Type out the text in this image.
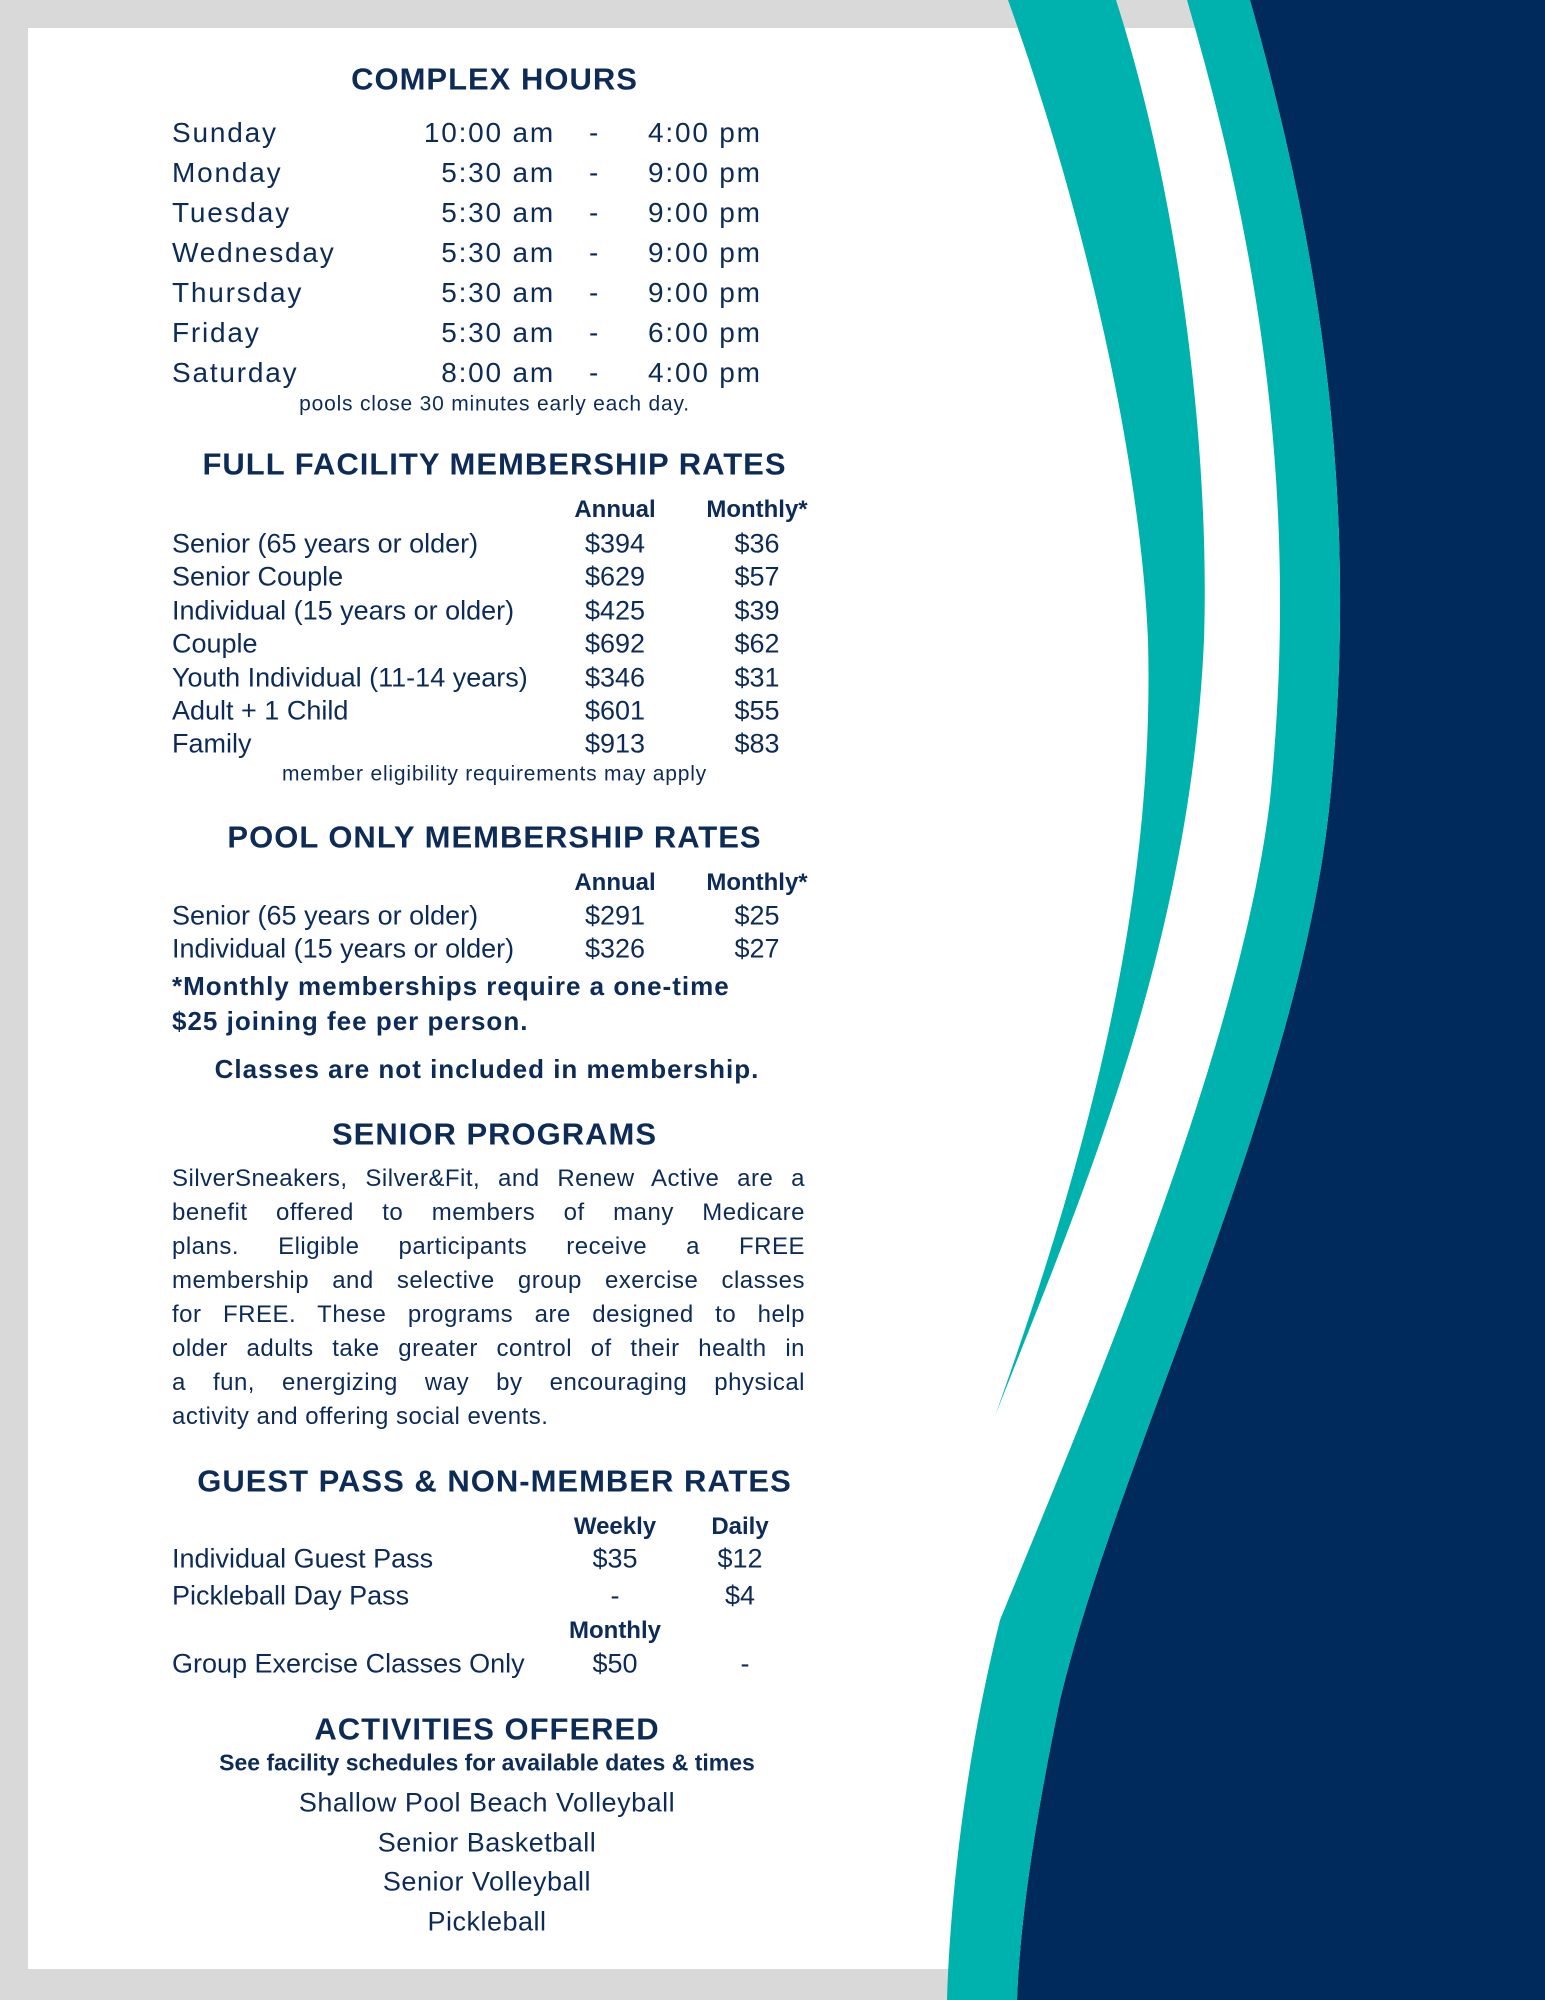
COMPLEX HOURS
Sunday	10:00 am - 4:00 pm
Monday	5:30 am - 9:00 pm
Tuesday	5:30 am - 9:00 pm
Wednesday	5:30 am - 9:00 pm
Thursday	5:30 am - 9:00 pm
Friday	5:30 am - 6:00 pm
Saturday	8:00 am - 4:00 pm
pools close 30 minutes early each day.
FULL FACILITY MEMBERSHIP RATES
Annual	Monthly*
Senior (65 years or older)	$394	$36
Senior Couple	$629	$57
Individual (15 years or older)	$425	$39
Couple	$692	$62
Youth Individual (11-14 years)	$346	$31
Adult + 1 Child	$601	$55
Family	$913	$83
member eligibility requirements may apply
POOL ONLY MEMBERSHIP RATES
Annual	Monthly*
Senior (65 years or older)	$291	$25
Individual (15 years or older)	$326	$27
*Monthly memberships require a one-time
$25 joining fee per person.
Classes are not included in membership.
SENIOR PROGRAMS
SilverSneakers, Silver&Fit, and Renew Active are a
benefit offered to members of many Medicare
plans. Eligible participants receive a FREE
membership and selective group exercise classes
for FREE. These programs are designed to help
older adults take greater control of their health in
a fun, energizing way by encouraging physical
activity and offering social events.
GUEST PASS & NON-MEMBER RATES
Weekly	Daily
Individual Guest Pass	$35	$12
Pickleball Day Pass	-	$4
Monthly
Group Exercise Classes Only	$50	-
ACTIVITIES OFFERED
See facility schedules for available dates & times
Shallow Pool Beach Volleyball
Senior Basketball
Senior Volleyball
Pickleball
